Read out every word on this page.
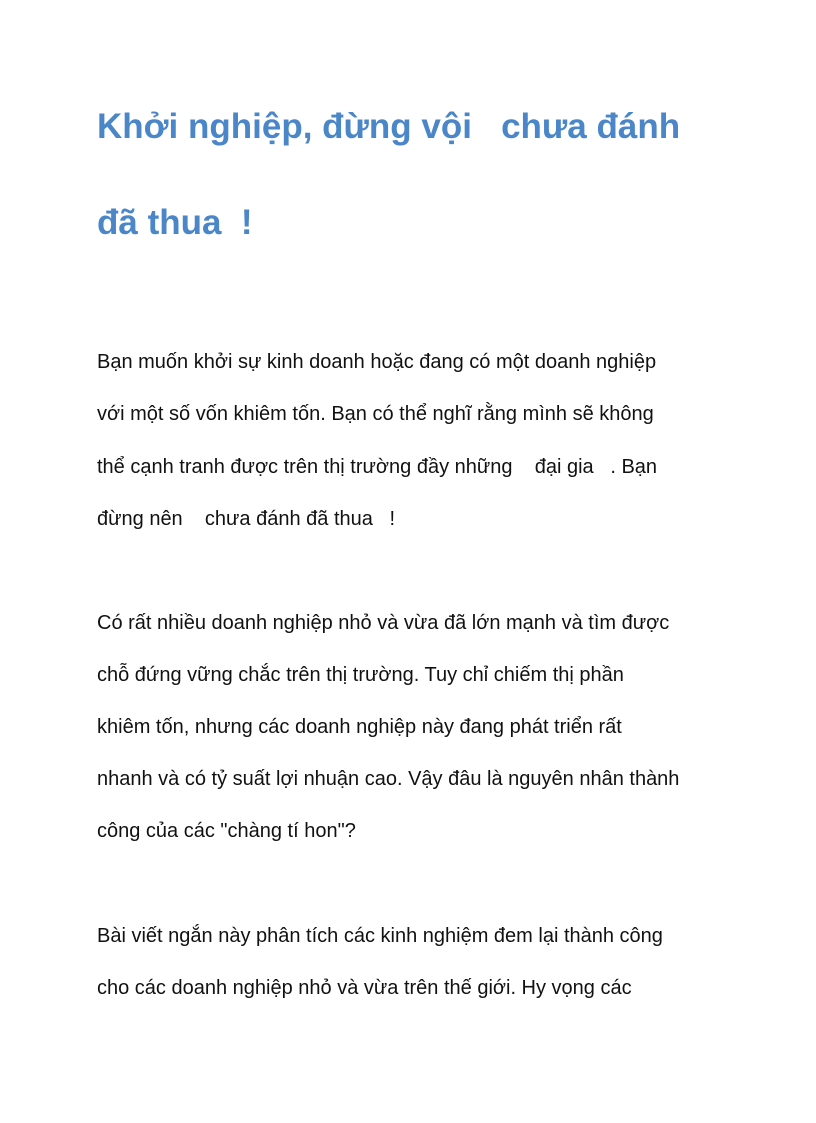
Khởi nghiệp, đừng vội   chưa đánh
đã thua  !

Bạn muốn khởi sự kinh doanh hoặc đang có một doanh nghiệp

với một số vốn khiêm tốn. Bạn có thể nghĩ rằng mình sẽ không

thể cạnh tranh được trên thị trường đầy những    đại gia   . Bạn

đừng nên    chưa đánh đã thua   !

Có rất nhiều doanh nghiệp nhỏ và vừa đã lớn mạnh và tìm được

chỗ đứng vững chắc trên thị trường. Tuy chỉ chiếm thị phần

khiêm tốn, nhưng các doanh nghiệp này đang phát triển rất

nhanh và có tỷ suất lợi nhuận cao. Vậy đâu là nguyên nhân thành

công của các "chàng tí hon"?

Bài viết ngắn này phân tích các kinh nghiệm đem lại thành công

cho các doanh nghiệp nhỏ và vừa trên thế giới. Hy vọng các
